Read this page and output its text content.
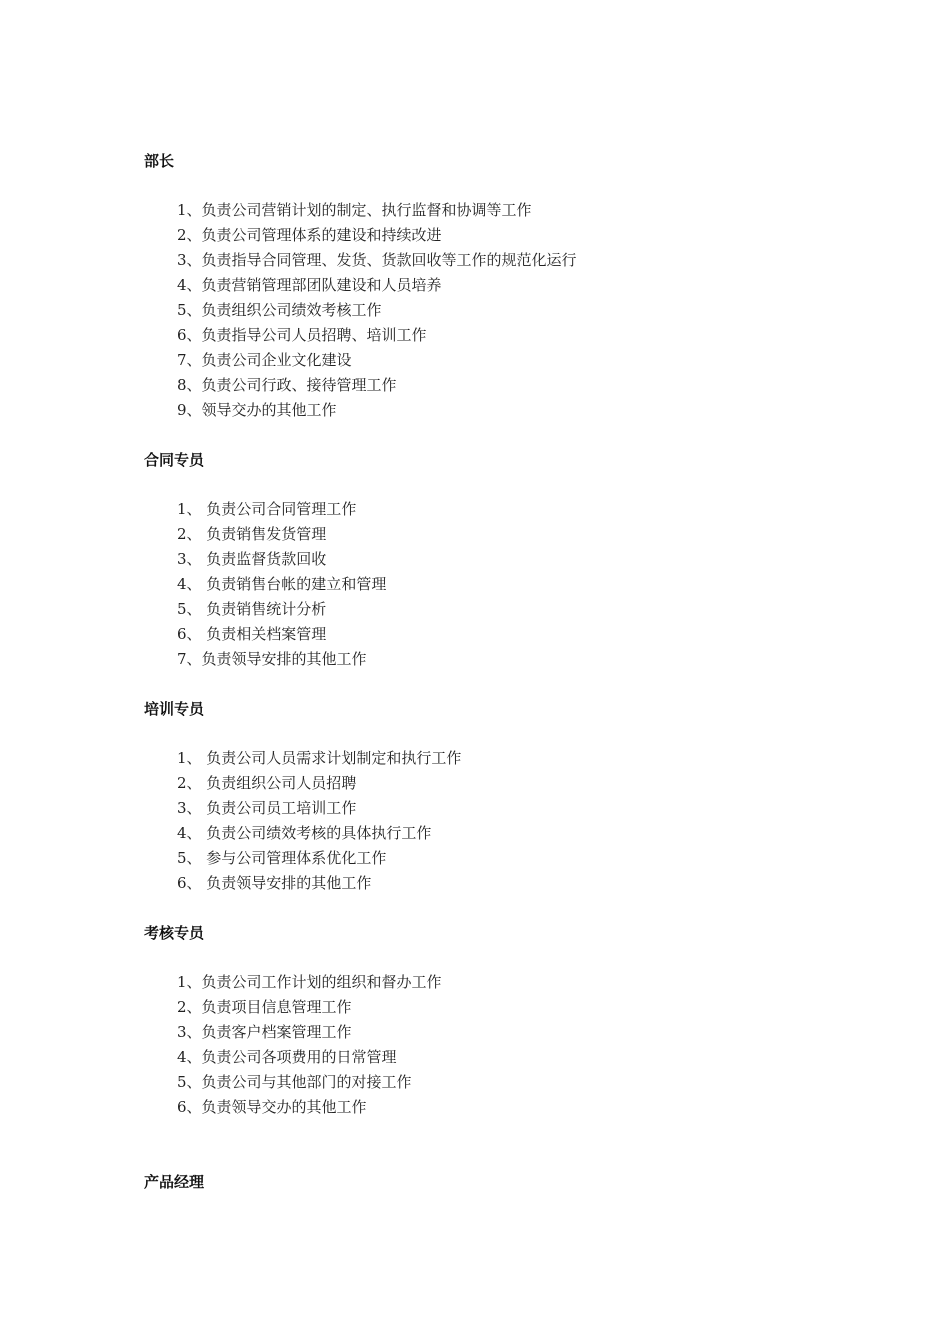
部长
1、负责公司营销计划的制定、执行监督和协调等工作
2、负责公司管理体系的建设和持续改进
3、负责指导合同管理、发货、货款回收等工作的规范化运行
4、负责营销管理部团队建设和人员培养
5、负责组织公司绩效考核工作
6、负责指导公司人员招聘、培训工作
7、负责公司企业文化建设
8、负责公司行政、接待管理工作
9、领导交办的其他工作
合同专员
1、 负责公司合同管理工作
2、 负责销售发货管理
3、 负责监督货款回收
4、 负责销售台帐的建立和管理
5、 负责销售统计分析
6、 负责相关档案管理
7、负责领导安排的其他工作
培训专员
1、 负责公司人员需求计划制定和执行工作
2、 负责组织公司人员招聘
3、 负责公司员工培训工作
4、 负责公司绩效考核的具体执行工作
5、 参与公司管理体系优化工作
6、 负责领导安排的其他工作
考核专员
1、负责公司工作计划的组织和督办工作
2、负责项目信息管理工作
3、负责客户档案管理工作
4、负责公司各项费用的日常管理
5、负责公司与其他部门的对接工作
6、负责领导交办的其他工作
产品经理
